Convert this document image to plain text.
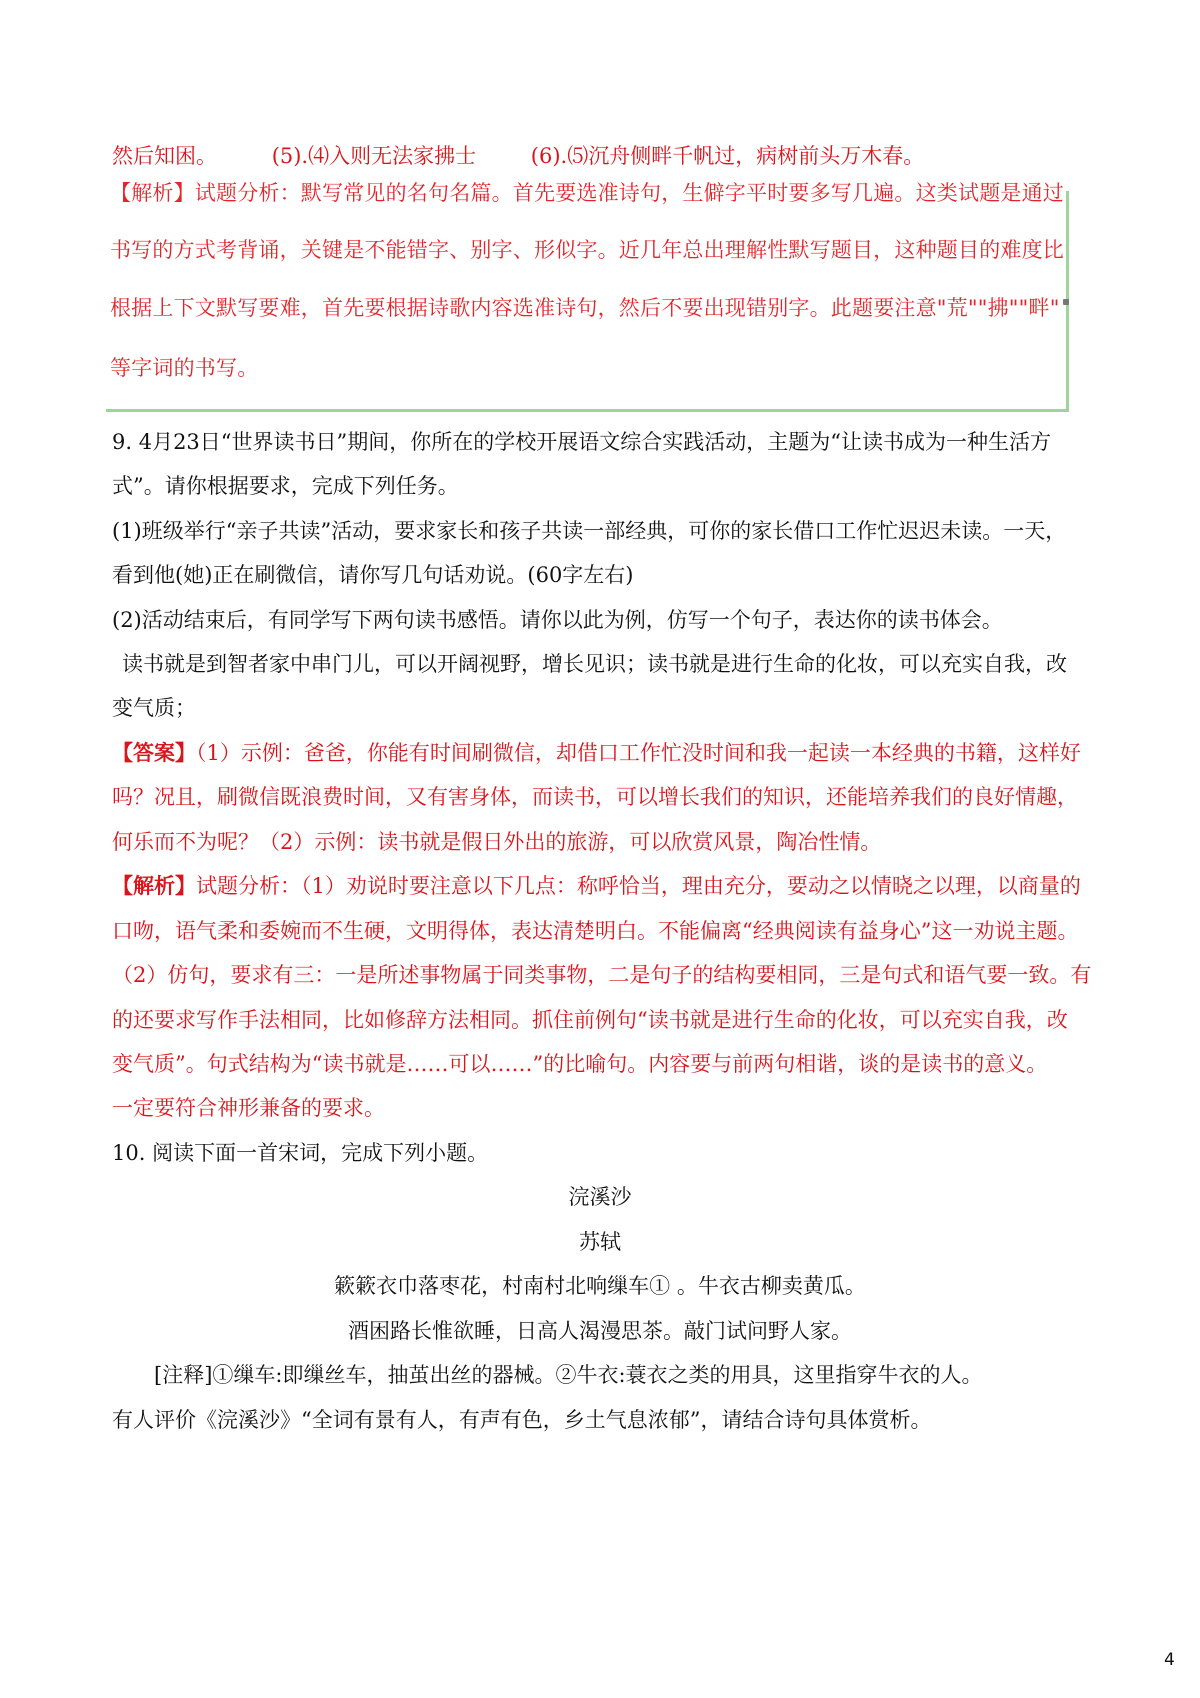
然后知困。	(5).⑷入则无法家拂士	(6).⑸沉舟侧畔千帆过，病树前头万木春。
【解析】试题分析：默写常见的名句名篇。首先要选准诗句，生僻字平时要多写几遍。这类试题是通过
书写的方式考背诵，关键是不能错字、别字、形似字。近几年总出理解性默写题目，这种题目的难度比
根据上下文默写要难，首先要根据诗歌内容选准诗句，然后不要出现错别字。此题要注意"荒""拂""畔"
等字词的书写。
9. 4月23日“世界读书日”期间，你所在的学校开展语文综合实践活动，主题为“让读书成为一种生活方
式”。请你根据要求，完成下列任务。
(1)班级举行“亲子共读”活动，要求家长和孩子共读一部经典，可你的家长借口工作忙迟迟未读。一天，
看到他(她)正在刷微信，请你写几句话劝说。(60字左右)
(2)活动结束后，有同学写下两句读书感悟。请你以此为例，仿写一个句子，表达你的读书体会。
读书就是到智者家中串门儿，可以开阔视野，增长见识；读书就是进行生命的化妆，可以充实自我，改
变气质；
【答案】（1）示例：爸爸，你能有时间刷微信，却借口工作忙没时间和我一起读一本经典的书籍，这样好
吗？况且，刷微信既浪费时间，又有害身体，而读书，可以增长我们的知识，还能培养我们的良好情趣，
何乐而不为呢？（2）示例：读书就是假日外出的旅游，可以欣赏风景，陶冶性情。
【解析】试题分析：（1）劝说时要注意以下几点：称呼恰当，理由充分，要动之以情晓之以理，以商量的
口吻，语气柔和委婉而不生硬，文明得体，表达清楚明白。不能偏离“经典阅读有益身心”这一劝说主题。
（2）仿句，要求有三：一是所述事物属于同类事物，二是句子的结构要相同，三是句式和语气要一致。有
的还要求写作手法相同，比如修辞方法相同。抓住前例句“读书就是进行生命的化妆，可以充实自我，改
变气质”。句式结构为“读书就是……可以……”的比喻句。内容要与前两句相谐，谈的是读书的意义。
一定要符合神形兼备的要求。
10. 阅读下面一首宋词，完成下列小题。
浣溪沙
苏轼
簌簌衣巾落枣花，村南村北响缫车① 。牛衣古柳卖黄瓜。
酒困路长惟欲睡，日高人渴漫思茶。敲门试问野人家。
[注释]①缫车:即缫丝车，抽茧出丝的器械。②牛衣:蓑衣之类的用具，这里指穿牛衣的人。
有人评价《浣溪沙》“全词有景有人，有声有色，乡土气息浓郁”，请结合诗句具体赏析。
4
